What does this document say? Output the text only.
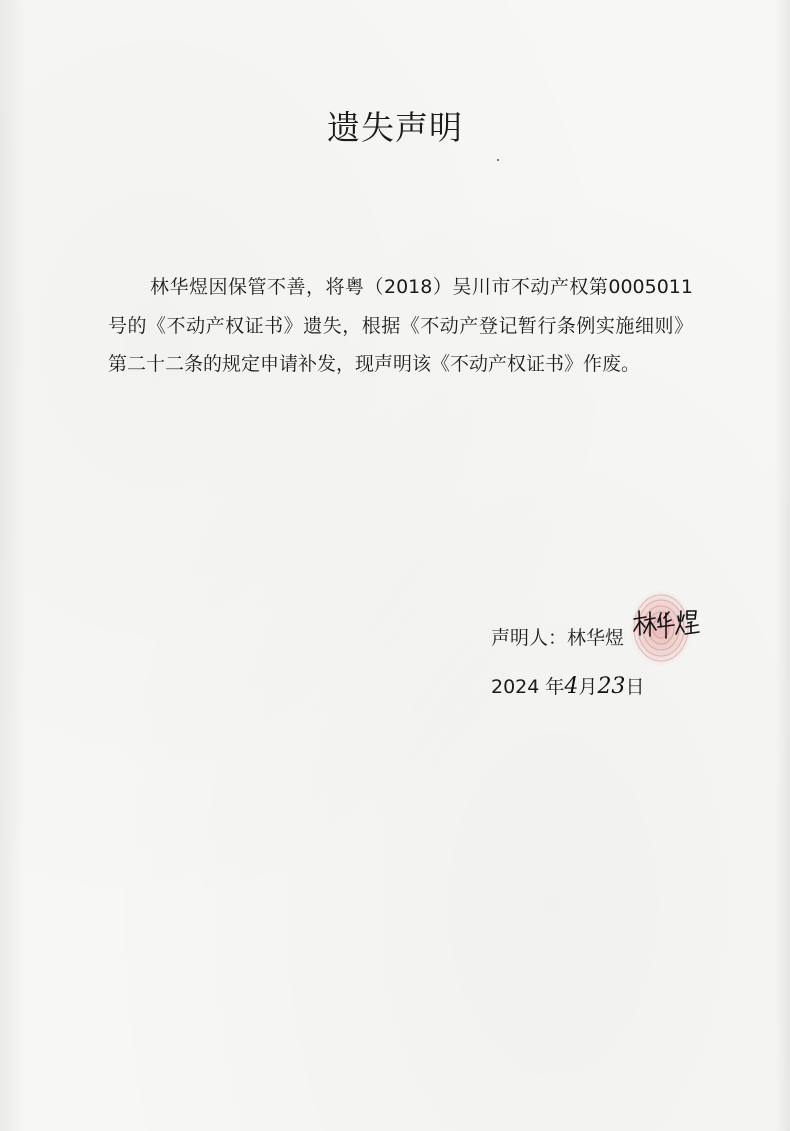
遗失声明

林华煜因保管不善，将粤（2018）吴川市不动产权第0005011 号的《不动产权证书》遗失，根据《不动产登记暂行条例实施细则》第二十二条的规定申请补发，现声明该《不动产权证书》作废。

声明人：林华煜
2024 年4月23日
